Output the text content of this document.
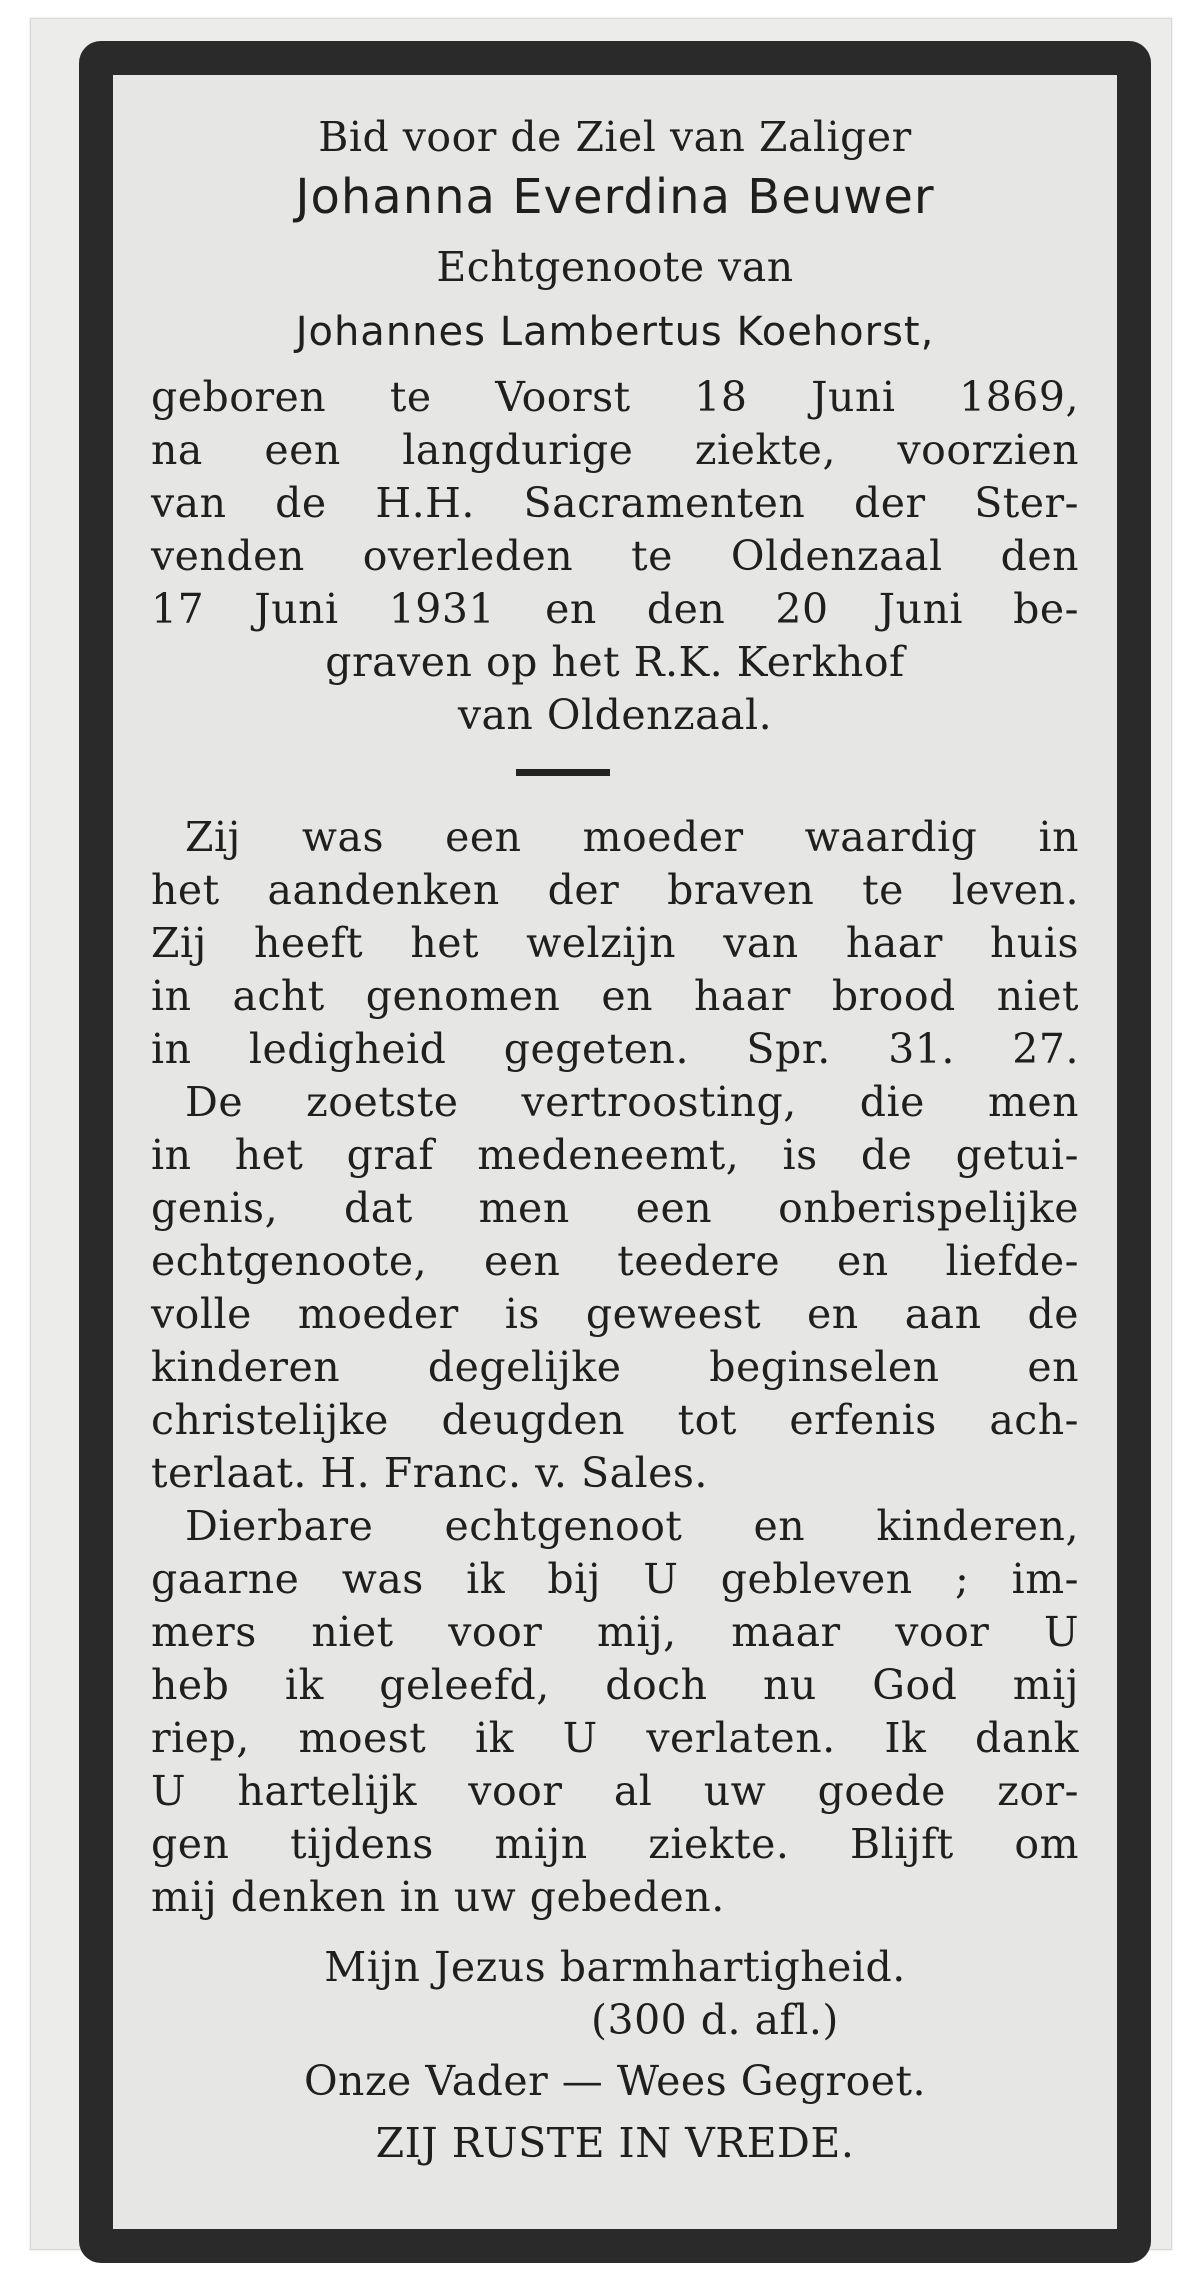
Bid voor de Ziel van Zaliger
Johanna Everdina Beuwer
Echtgenoote van
Johannes Lambertus Koehorst,
geboren te Voorst 18 Juni 1869,
na een langdurige ziekte, voorzien
van de H.H. Sacramenten der Ster-
venden overleden te Oldenzaal den
17 Juni 1931 en den 20 Juni be-
graven op het R.K. Kerkhof
van Oldenzaal.
Zij was een moeder waardig in
het aandenken der braven te leven.
Zij heeft het welzijn van haar huis
in acht genomen en haar brood niet
in ledigheid gegeten. Spr. 31. 27.
De zoetste vertroosting, die men
in het graf medeneemt, is de getui-
genis, dat men een onberispelijke
echtgenoote, een teedere en liefde-
volle moeder is geweest en aan de
kinderen degelijke beginselen en
christelijke deugden tot erfenis ach-
terlaat. H. Franc. v. Sales.
Dierbare echtgenoot en kinderen,
gaarne was ik bij U gebleven ; im-
mers niet voor mij, maar voor U
heb ik geleefd, doch nu God mij
riep, moest ik U verlaten. Ik dank
U hartelijk voor al uw goede zor-
gen tijdens mijn ziekte. Blijft om
mij denken in uw gebeden.
Mijn Jezus barmhartigheid.
(300 d. afl.)
Onze Vader — Wees Gegroet.
ZIJ RUSTE IN VREDE.
